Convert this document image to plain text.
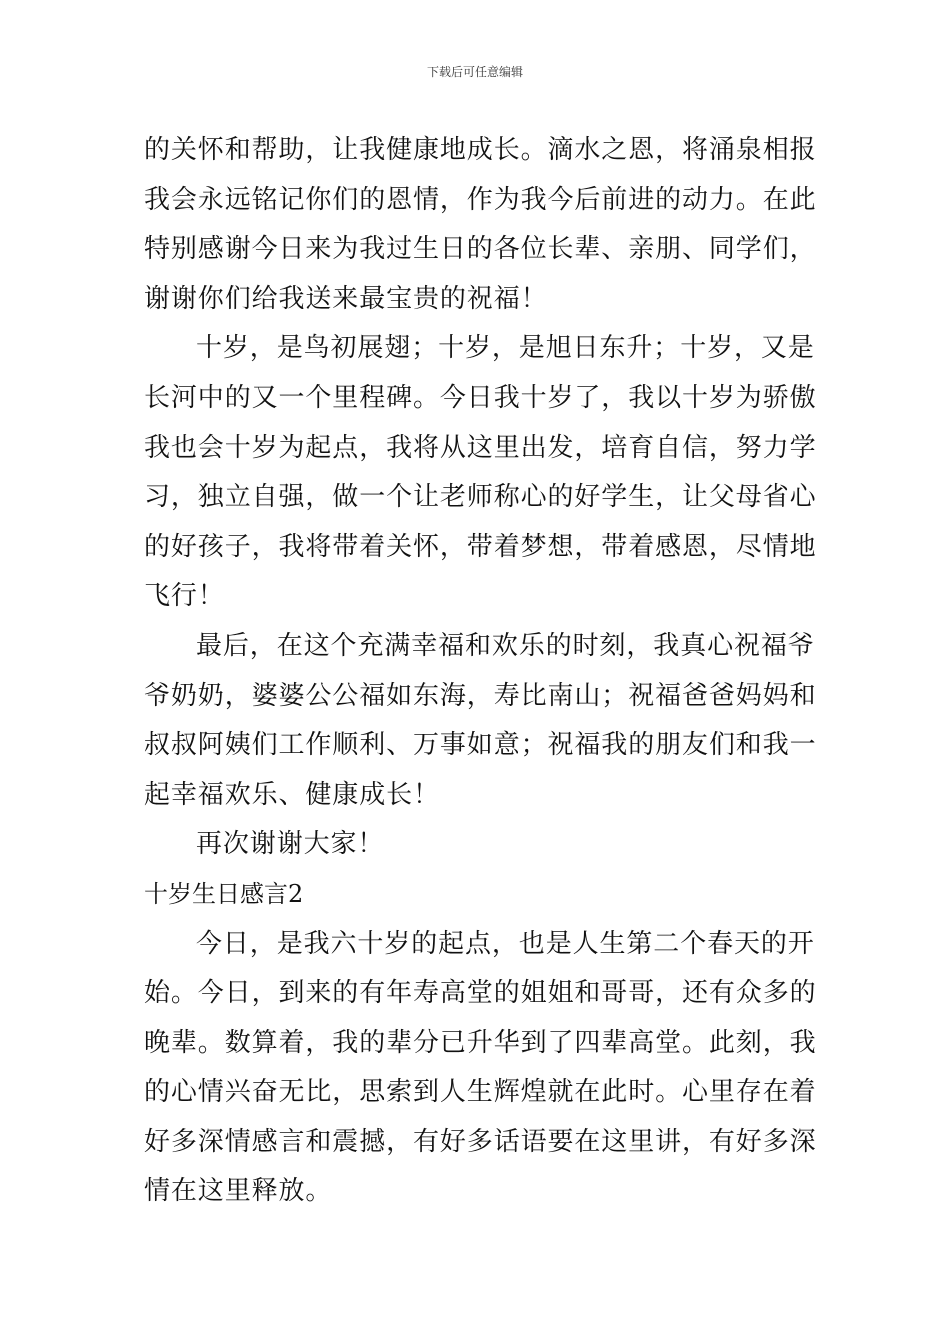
下载后可任意编辑
的关怀和帮助，让我健康地成长。滴水之恩，将涌泉相报
我会永远铭记你们的恩情，作为我今后前进的动力。在此
特别感谢今日来为我过生日的各位长辈、亲朋、同学们，
谢谢你们给我送来最宝贵的祝福！
十岁，是鸟初展翅；十岁，是旭日东升；十岁，又是
长河中的又一个里程碑。今日我十岁了，我以十岁为骄傲
我也会十岁为起点，我将从这里出发，培育自信，努力学
习，独立自强，做一个让老师称心的好学生，让父母省心
的好孩子，我将带着关怀，带着梦想，带着感恩，尽情地
飞行！
最后，在这个充满幸福和欢乐的时刻，我真心祝福爷
爷奶奶，婆婆公公福如东海，寿比南山；祝福爸爸妈妈和
叔叔阿姨们工作顺利、万事如意；祝福我的朋友们和我一
起幸福欢乐、健康成长！
再次谢谢大家！
十岁生日感言2
今日，是我六十岁的起点，也是人生第二个春天的开
始。今日，到来的有年寿高堂的姐姐和哥哥，还有众多的
晚辈。数算着，我的辈分已升华到了四辈高堂。此刻，我
的心情兴奋无比，思索到人生辉煌就在此时。心里存在着
好多深情感言和震撼，有好多话语要在这里讲，有好多深
情在这里释放。
